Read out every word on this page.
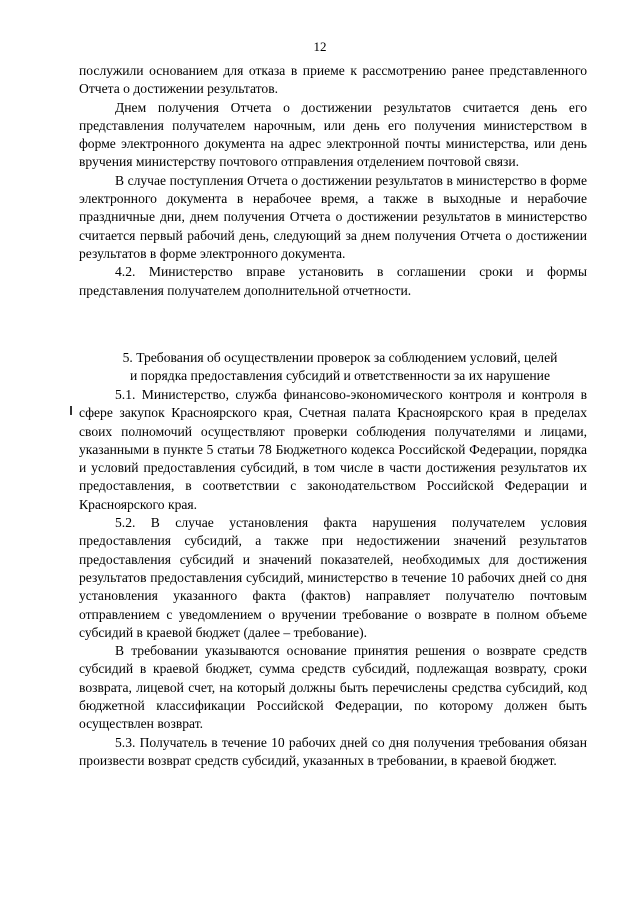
12

послужили основанием для отказа в приеме к рассмотрению ранее представленного Отчета о достижении результатов.

Днем получения Отчета о достижении результатов считается день его представления получателем нарочным, или день его получения министерством в форме электронного документа на адрес электронной почты министерства, или день вручения министерству почтового отправления отделением почтовой связи.

В случае поступления Отчета о достижении результатов в министерство в форме электронного документа в нерабочее время, а также в выходные и нерабочие праздничные дни, днем получения Отчета о достижении результатов в министерство считается первый рабочий день, следующий за днем получения Отчета о достижении результатов в форме электронного документа.

4.2. Министерство вправе установить в соглашении сроки и формы представления получателем дополнительной отчетности.

5. Требования об осуществлении проверок за соблюдением условий, целей

и порядка предоставления субсидий и ответственности за их нарушение

5.1. Министерство, служба финансово-экономического контроля и контроля в сфере закупок Красноярского края, Счетная палата Красноярского края в пределах своих полномочий осуществляют проверки соблюдения получателями и лицами, указанными в пункте 5 статьи 78 Бюджетного кодекса Российской Федерации, порядка и условий предоставления субсидий, в том числе в части достижения результатов их предоставления, в соответствии с законодательством Российской Федерации и Красноярского края.

5.2. В случае установления факта нарушения получателем условия предоставления субсидий, а также при недостижении значений результатов предоставления субсидий и значений показателей, необходимых для достижения результатов предоставления субсидий, министерство в течение 10 рабочих дней со дня установления указанного факта (фактов) направляет получателю почтовым отправлением с уведомлением о вручении требование о возврате в полном объеме субсидий в краевой бюджет (далее – требование).

В требовании указываются основание принятия решения о возврате средств субсидий в краевой бюджет, сумма средств субсидий, подлежащая возврату, сроки возврата, лицевой счет, на который должны быть перечислены средства субсидий, код бюджетной классификации Российской Федерации, по которому должен быть осуществлен возврат.

5.3. Получатель в течение 10 рабочих дней со дня получения требования обязан произвести возврат средств субсидий, указанных в требовании, в краевой бюджет.
